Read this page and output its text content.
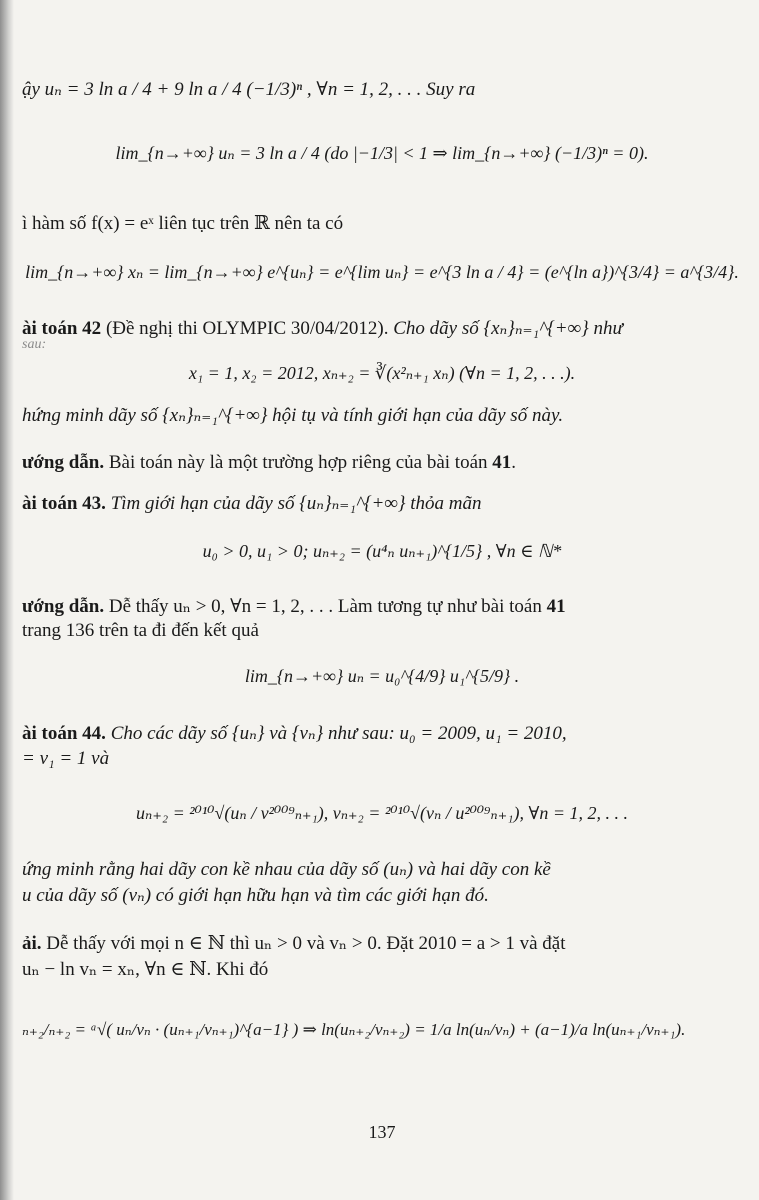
ậy uₙ = 3 ln a / 4 + 9 ln a / 4 (−1/3)ⁿ , ∀n = 1, 2, . . . Suy ra
lim_{n→+∞} uₙ = 3 ln a / 4 (do |−1/3| < 1 ⇒ lim_{n→+∞} (−1/3)ⁿ = 0).
ì hàm số f(x) = eˣ liên tục trên ℝ nên ta có
lim_{n→+∞} xₙ = lim_{n→+∞} e^{uₙ} = e^{lim uₙ} = e^{3 ln a / 4} = (e^{ln a})^{3/4} = a^{3/4}.
ài toán 42 (Đề nghị thi OLYMPIC 30/04/2012). Cho dãy số {xₙ}ₙ₌₁^{+∞} như
sau:
x₁ = 1, x₂ = 2012, xₙ₊₂ = ∛(x²ₙ₊₁ xₙ) (∀n = 1, 2, . . .).
hứng minh dãy số {xₙ}ₙ₌₁^{+∞} hội tụ và tính giới hạn của dãy số này.
ướng dẫn. Bài toán này là một trường hợp riêng của bài toán 41.
ài toán 43. Tìm giới hạn của dãy số {uₙ}ₙ₌₁^{+∞} thỏa mãn
u₀ > 0, u₁ > 0; uₙ₊₂ = (u⁴ₙ uₙ₊₁)^{1/5} , ∀n ∈ ℕ*
ướng dẫn. Dễ thấy uₙ > 0, ∀n = 1, 2, . . . Làm tương tự như bài toán 41
trang 136 trên ta đi đến kết quả
lim_{n→+∞} uₙ = u₀^{4/9} u₁^{5/9} .
ài toán 44. Cho các dãy số {uₙ} và {vₙ} như sau: u₀ = 2009, u₁ = 2010,
= v₁ = 1 và
uₙ₊₂ = ²⁰¹⁰√(uₙ / v²⁰⁰⁹ₙ₊₁), vₙ₊₂ = ²⁰¹⁰√(vₙ / u²⁰⁰⁹ₙ₊₁), ∀n = 1, 2, . . .
ứng minh rằng hai dãy con kề nhau của dãy số (uₙ) và hai dãy con kề
u của dãy số (vₙ) có giới hạn hữu hạn và tìm các giới hạn đó.
ải. Dễ thấy với mọi n ∈ ℕ thì uₙ > 0 và vₙ > 0. Đặt 2010 = a > 1 và đặt
uₙ − ln vₙ = xₙ, ∀n ∈ ℕ. Khi đó
ₙ₊₂/ₙ₊₂ = ᵃ√( uₙ/vₙ · (uₙ₊₁/vₙ₊₁)^{a−1} ) ⇒ ln(uₙ₊₂/vₙ₊₂) = 1/a ln(uₙ/vₙ) + (a−1)/a ln(uₙ₊₁/vₙ₊₁).
137
